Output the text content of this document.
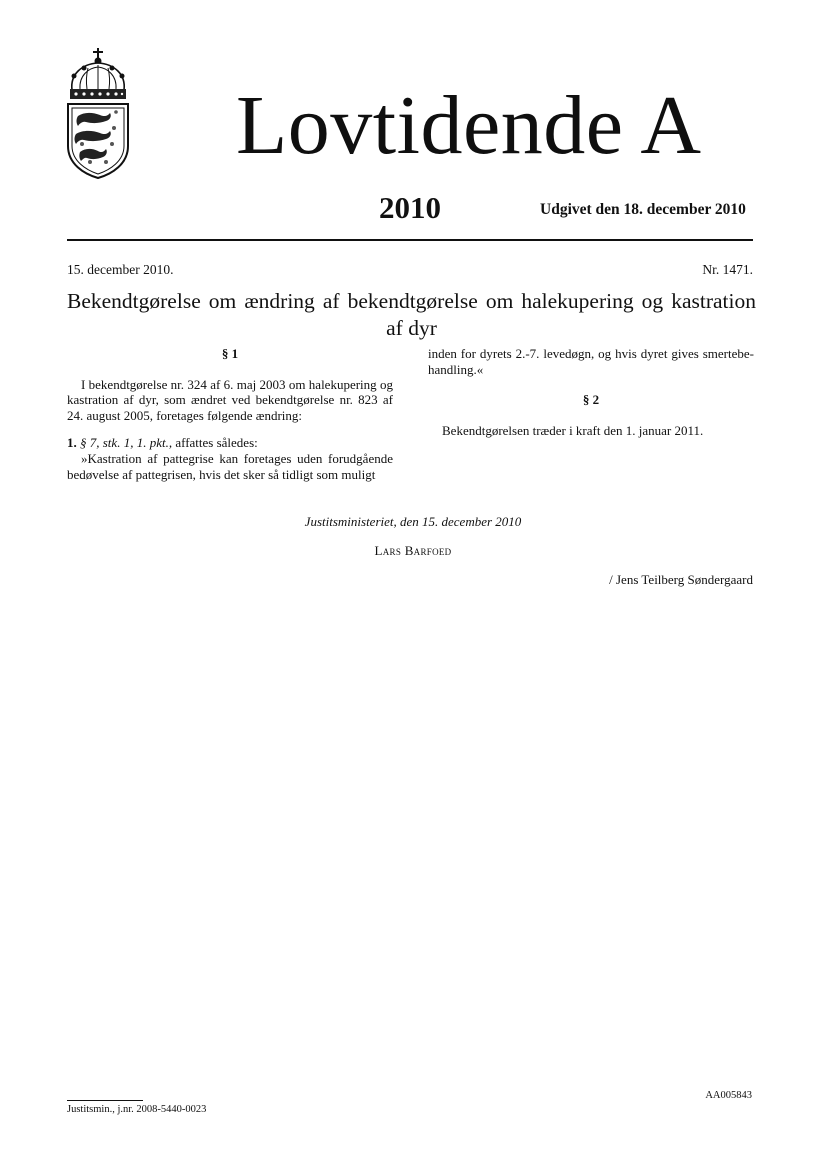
Lovtidende A
2010	Udgivet den 18. december 2010
15. december 2010.	Nr. 1471.
Bekendtgørelse om ændring af bekendtgørelse om halekupering og kastration af dyr
§ 1

I bekendtgørelse nr. 324 af 6. maj 2003 om halekupering og kastration af dyr, som ændret ved bekendtgørelse nr. 823 af 24. august 2005, foretages følgende ændring:

1. § 7, stk. 1, 1. pkt., affattes således:

»Kastration af pattegrise kan foretages uden forudgående bedøvelse af pattegrisen, hvis det sker så tidligt som muligt

inden for dyrets 2.-7. levedøgn, og hvis dyret gives smertebehandling.«

§ 2

Bekendtgørelsen træder i kraft den 1. januar 2011.

Justitsministeriet, den 15. december 2010
Lars Barfoed
/ Jens Teilberg Søndergaard
Justitsmin., j.nr. 2008-5440-0023
AA005843
